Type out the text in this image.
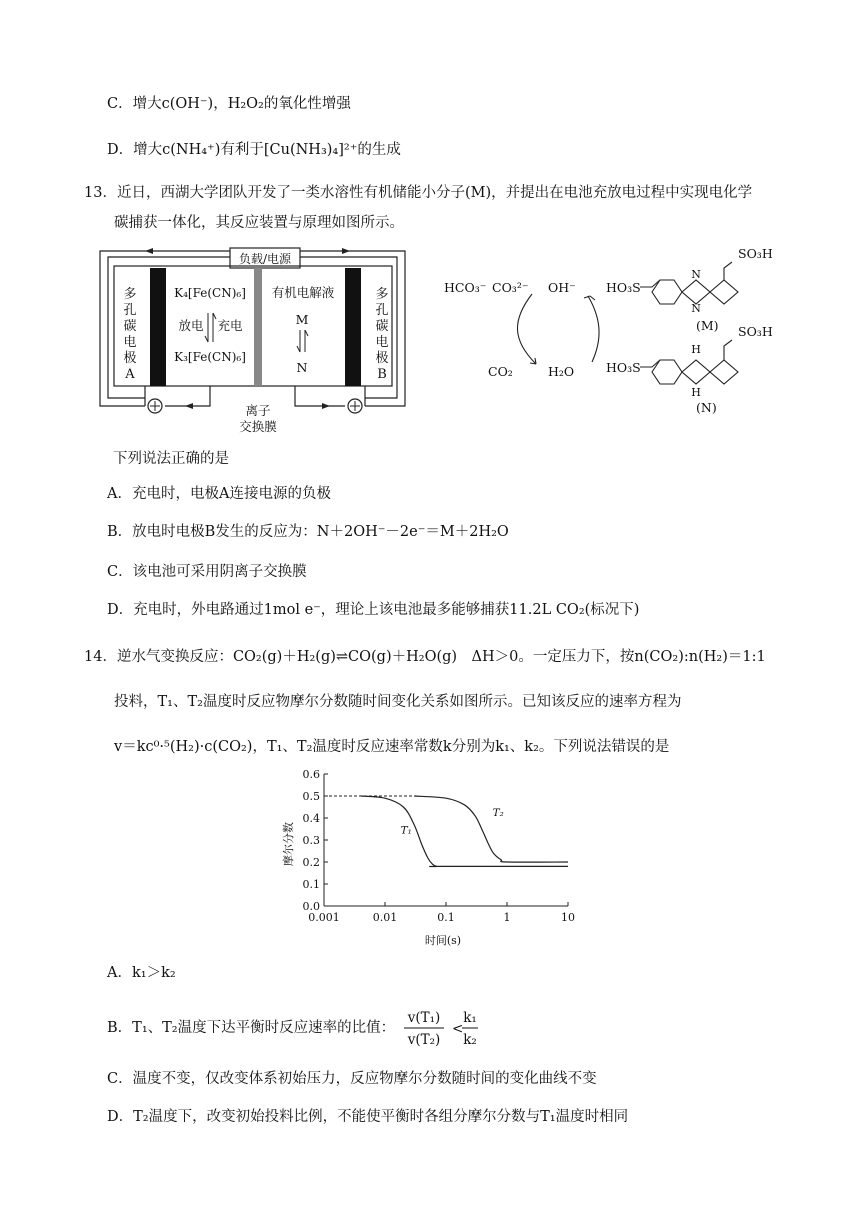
C．增大c(OH⁻)，H₂O₂的氧化性增强
D．增大c(NH₄⁺)有利于[Cu(NH₃)₄]²⁺的生成
13．近日，西湖大学团队开发了一类水溶性有机储能小分子(M)，并提出在电池充放电过程中实现电化学
碳捕获一体化，其反应装置与原理如图所示。
负载/电源
多
孔
碳
电
极
A
多
孔
碳
电
极
B
K₄[Fe(CN)₆]
放电 充电
K₃[Fe(CN)₆]
有机电解液
M
N
离子
交换膜
HCO₃⁻ CO₃²⁻ OH⁻
CO₂	H₂O
HO₃S
HO₃S
SO₃H
SO₃H
(M)
(N)
N
N
H
H
下列说法正确的是
A．充电时，电极A连接电源的负极
B．放电时电极B发生的反应为：N＋2OH⁻－2e⁻＝M＋2H₂O
C．该电池可采用阴离子交换膜
D．充电时，外电路通过1mol e⁻，理论上该电池最多能够捕获11.2L CO₂(标况下)
14．逆水气变换反应：CO₂(g)＋H₂(g)⇌CO(g)＋H₂O(g)　ΔH＞0。一定压力下，按n(CO₂):n(H₂)＝1:1
投料，T₁、T₂温度时反应物摩尔分数随时间变化关系如图所示。已知该反应的速率方程为
v＝kc⁰·⁵(H₂)·c(CO₂)，T₁、T₂温度时反应速率常数k分别为k₁、k₂。下列说法错误的是
0.0
0.1
0.2
0.3
0.4
0.5
0.6
0.001	0.01	0.1	1	10
T₁
T₂
时间(s)
摩尔分数
A．k₁＞k₂
B．T₁、T₂温度下达平衡时反应速率的比值：
v(T₁)
v(T₂)
<
k₁
k₂
C．温度不变，仅改变体系初始压力，反应物摩尔分数随时间的变化曲线不变
D．T₂温度下，改变初始投料比例，不能使平衡时各组分摩尔分数与T₁温度时相同
